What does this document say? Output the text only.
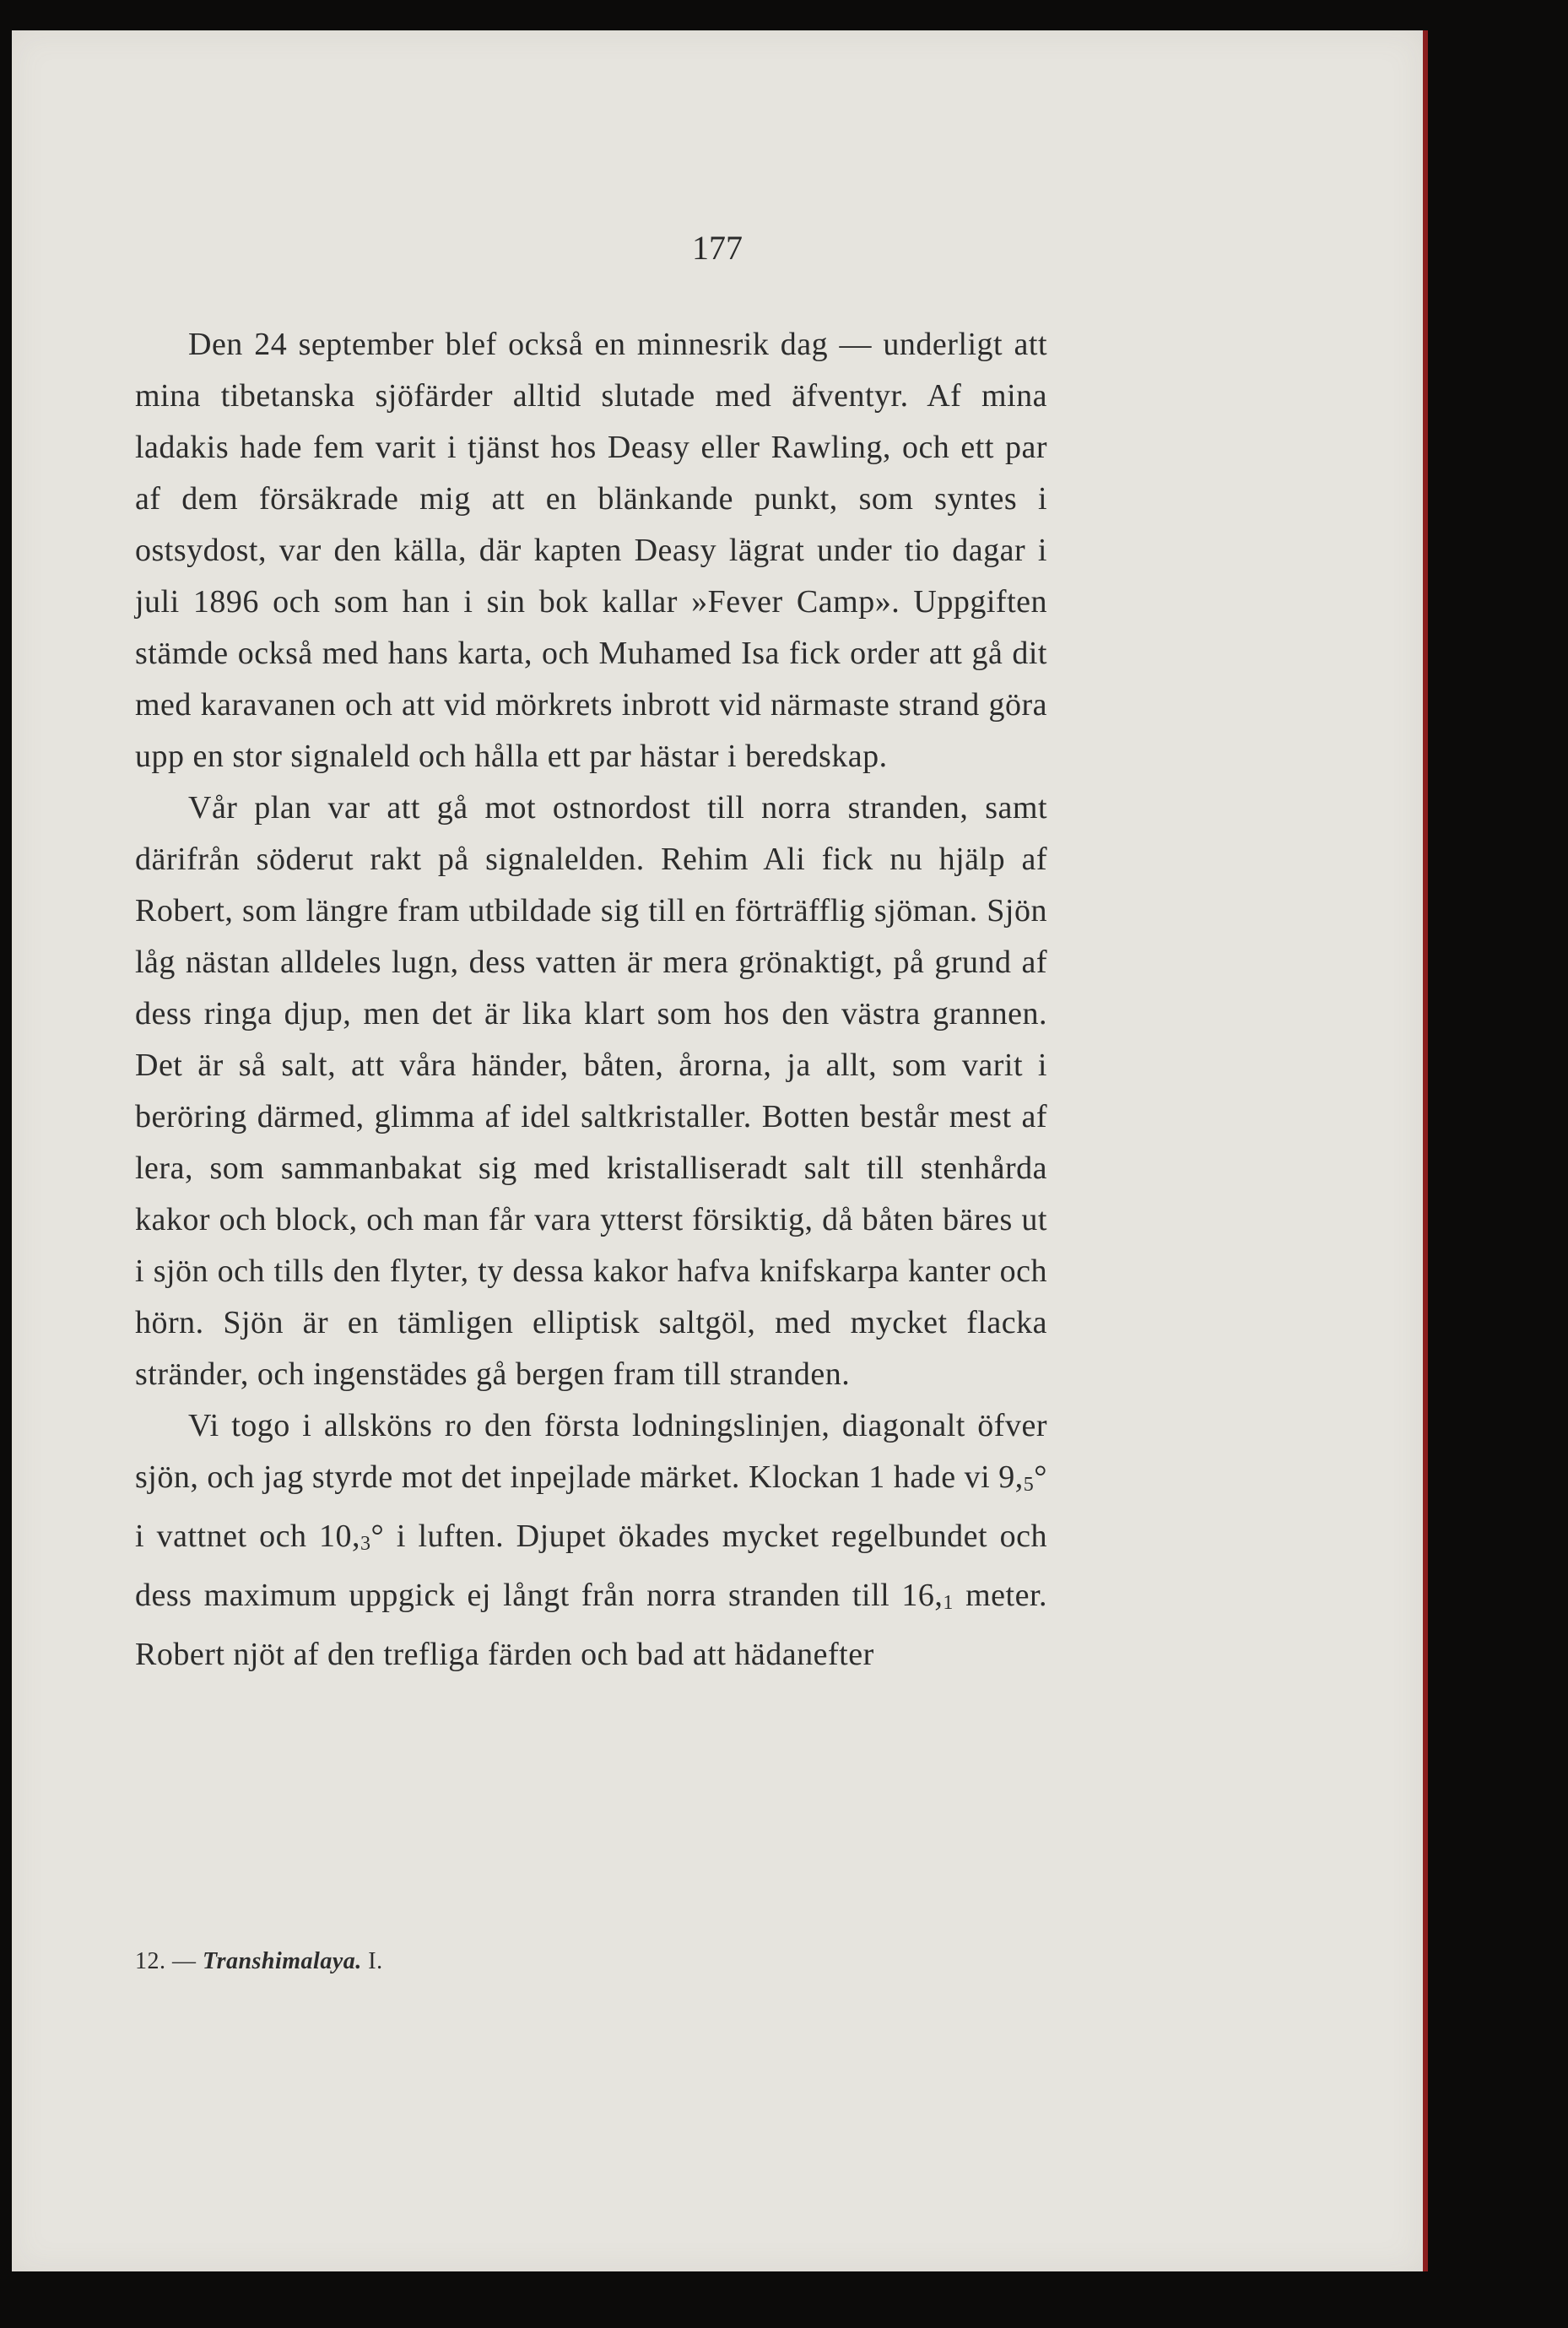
177

Den 24 september blef också en minnesrik dag — underligt att mina tibetanska sjöfärder alltid slutade med äfventyr. Af mina ladakis hade fem varit i tjänst hos Deasy eller Rawling, och ett par af dem försäkrade mig att en blänkande punkt, som syntes i ostsydost, var den källa, där kapten Deasy lägrat under tio dagar i juli 1896 och som han i sin bok kallar »Fever Camp». Uppgiften stämde också med hans karta, och Muhamed Isa fick order att gå dit med karavanen och att vid mörkrets inbrott vid närmaste strand göra upp en stor signaleld och hålla ett par hästar i beredskap.

Vår plan var att gå mot ostnordost till norra stranden, samt därifrån söderut rakt på signalelden. Rehim Ali fick nu hjälp af Robert, som längre fram utbildade sig till en förträfflig sjöman. Sjön låg nästan alldeles lugn, dess vatten är mera grönaktigt, på grund af dess ringa djup, men det är lika klart som hos den västra grannen. Det är så salt, att våra händer, båten, årorna, ja allt, som varit i beröring därmed, glimma af idel saltkristaller. Botten består mest af lera, som sammanbakat sig med kristalliseradt salt till stenhårda kakor och block, och man får vara ytterst försiktig, då båten bäres ut i sjön och tills den flyter, ty dessa kakor hafva knifskarpa kanter och hörn. Sjön är en tämligen elliptisk saltgöl, med mycket flacka stränder, och ingenstädes gå bergen fram till stranden.

Vi togo i allsköns ro den första lodningslinjen, diagonalt öfver sjön, och jag styrde mot det inpejlade märket. Klockan 1 hade vi $9,_5^\circ$ i vattnet och $10,_3^\circ$ i luften. Djupet ökades mycket regelbundet och dess maximum uppgick ej långt från norra stranden till $16,_1$ meter. Robert njöt af den trefliga färden och bad att hädanefter

12. — Transhimalaya. I.
